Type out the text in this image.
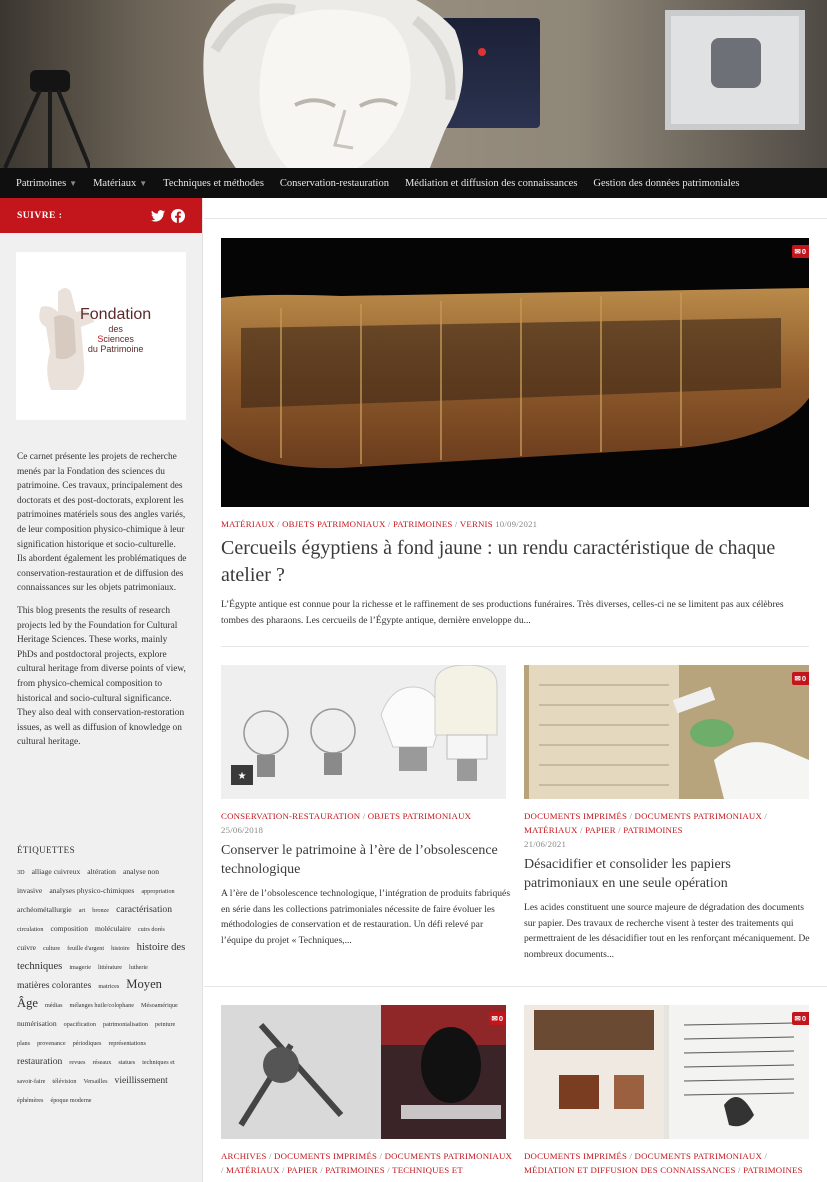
Patrimoines ▼ Matériaux ▼ Techniques et méthodes Conservation-restauration Médiation et diffusion des connaissances Gestion des données patrimoniales
SUIVRE :
Fondation
des
Sciences
du Patrimoine

Ce carnet présente les projets de recherche menés par la Fondation des sciences du patrimoine. Ces travaux, principalement des doctorats et des post-doctorats, explorent les patrimoines matériels sous des angles variés, de leur composition physico-chimique à leur signification historique et socio-culturelle. Ils abordent également les problématiques de conservation-restauration et de diffusion des connaissances sur les objets patrimoniaux.

This blog presents the results of research projects led by the Foundation for Cultural Heritage Sciences. These works, mainly PhDs and postdoctoral projects, explore cultural heritage from diverse points of view, from physico-chemical composition to historical and socio-cultural significance. They also deal with conservation-restoration issues, as well as diffusion of knowledge on cultural heritage.

ÉTIQUETTES
3D alliage cuivreux altération analyse non invasive analyses physico-chimiques appropriation archéométallurgie art bronze caractérisation circulation composition moléculaire cuirs dorés cuivre culture feuille d'argent histoire histoire des techniques imagerie littérature lutherie matières colorantes matrices Moyen Âge médias mélanges huile/colophane Mésoamérique numérisation opacification patrimonialisation peinture plans provenance périodiques représentations restauration revues réseaux statues techniques et savoir-faire télévision Versailles vieillissement éphémères époque moderne
✉ 0
MATÉRIAUX / OBJETS PATRIMONIAUX / PATRIMOINES / VERNIS 10/09/2021
Cercueils égyptiens à fond jaune : un rendu caractéristique de chaque atelier ?
L’Égypte antique est connue pour la richesse et le raffinement de ses productions funéraires. Très diverses, celles-ci ne se limitent pas aux célèbres tombes des pharaons. Les cercueils de l’Égypte antique, dernière enveloppe du...
★
CONSERVATION-RESTAURATION / OBJETS PATRIMONIAUX
25/06/2018
Conserver le patrimoine à l’ère de l’obsolescence technologique
A l’ère de l’obsolescence technologique, l’intégration de produits fabriqués en série dans les collections patrimoniales nécessite de faire évoluer les méthodologies de conservation et de restauration. Un défi relevé par l’équipe du projet « Techniques,...
✉ 0
DOCUMENTS IMPRIMÉS / DOCUMENTS PATRIMONIAUX /
MATÉRIAUX / PAPIER / PATRIMOINES
21/06/2021
Désacidifier et consolider les papiers patrimoniaux en une seule opération
Les acides constituent une source majeure de dégradation des documents sur papier. Des travaux de recherche visent à tester des traitements qui permettraient de les désacidifier tout en les renforçant mécaniquement. De nombreux documents...
✉ 0
ARCHIVES / DOCUMENTS IMPRIMÉS / DOCUMENTS PATRIMONIAUX
/ MATÉRIAUX / PAPIER / PATRIMOINES / TECHNIQUES ET
✉ 0
DOCUMENTS IMPRIMÉS / DOCUMENTS PATRIMONIAUX /
MÉDIATION ET DIFFUSION DES CONNAISSANCES / PATRIMOINES
